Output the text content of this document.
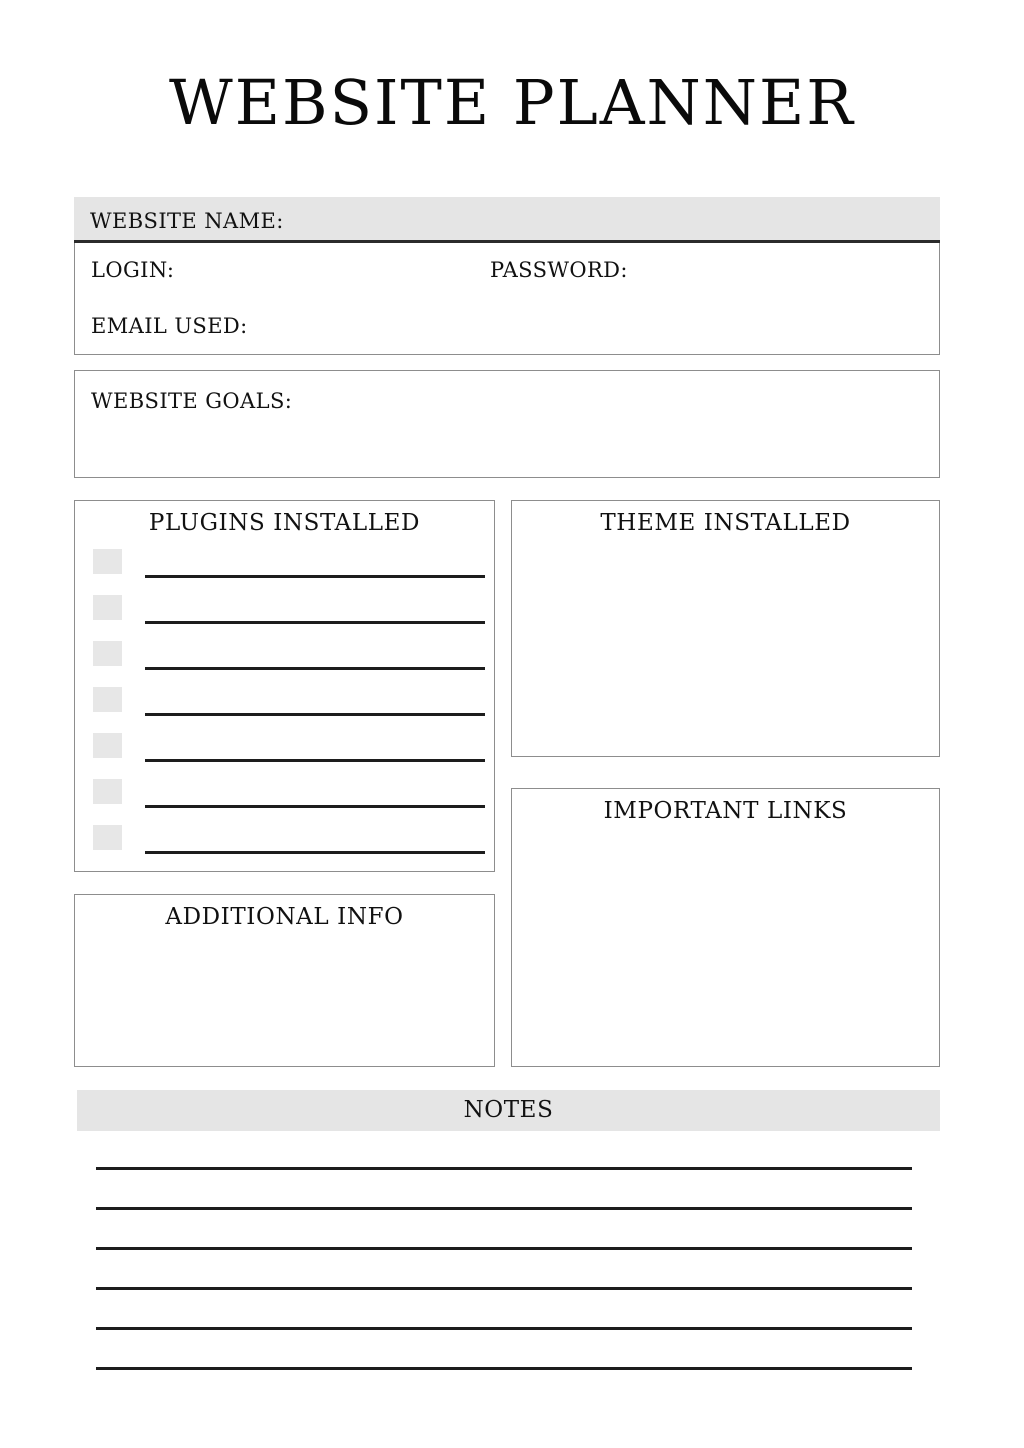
WEBSITE PLANNER
LOGIN:	PASSWORD:
EMAIL USED:
WEBSITE NAME:
WEBSITE GOALS:
PLUGINS INSTALLED	THEME INSTALLED
ADDITIONAL INFO
IMPORTANT LINKS
NOTES
